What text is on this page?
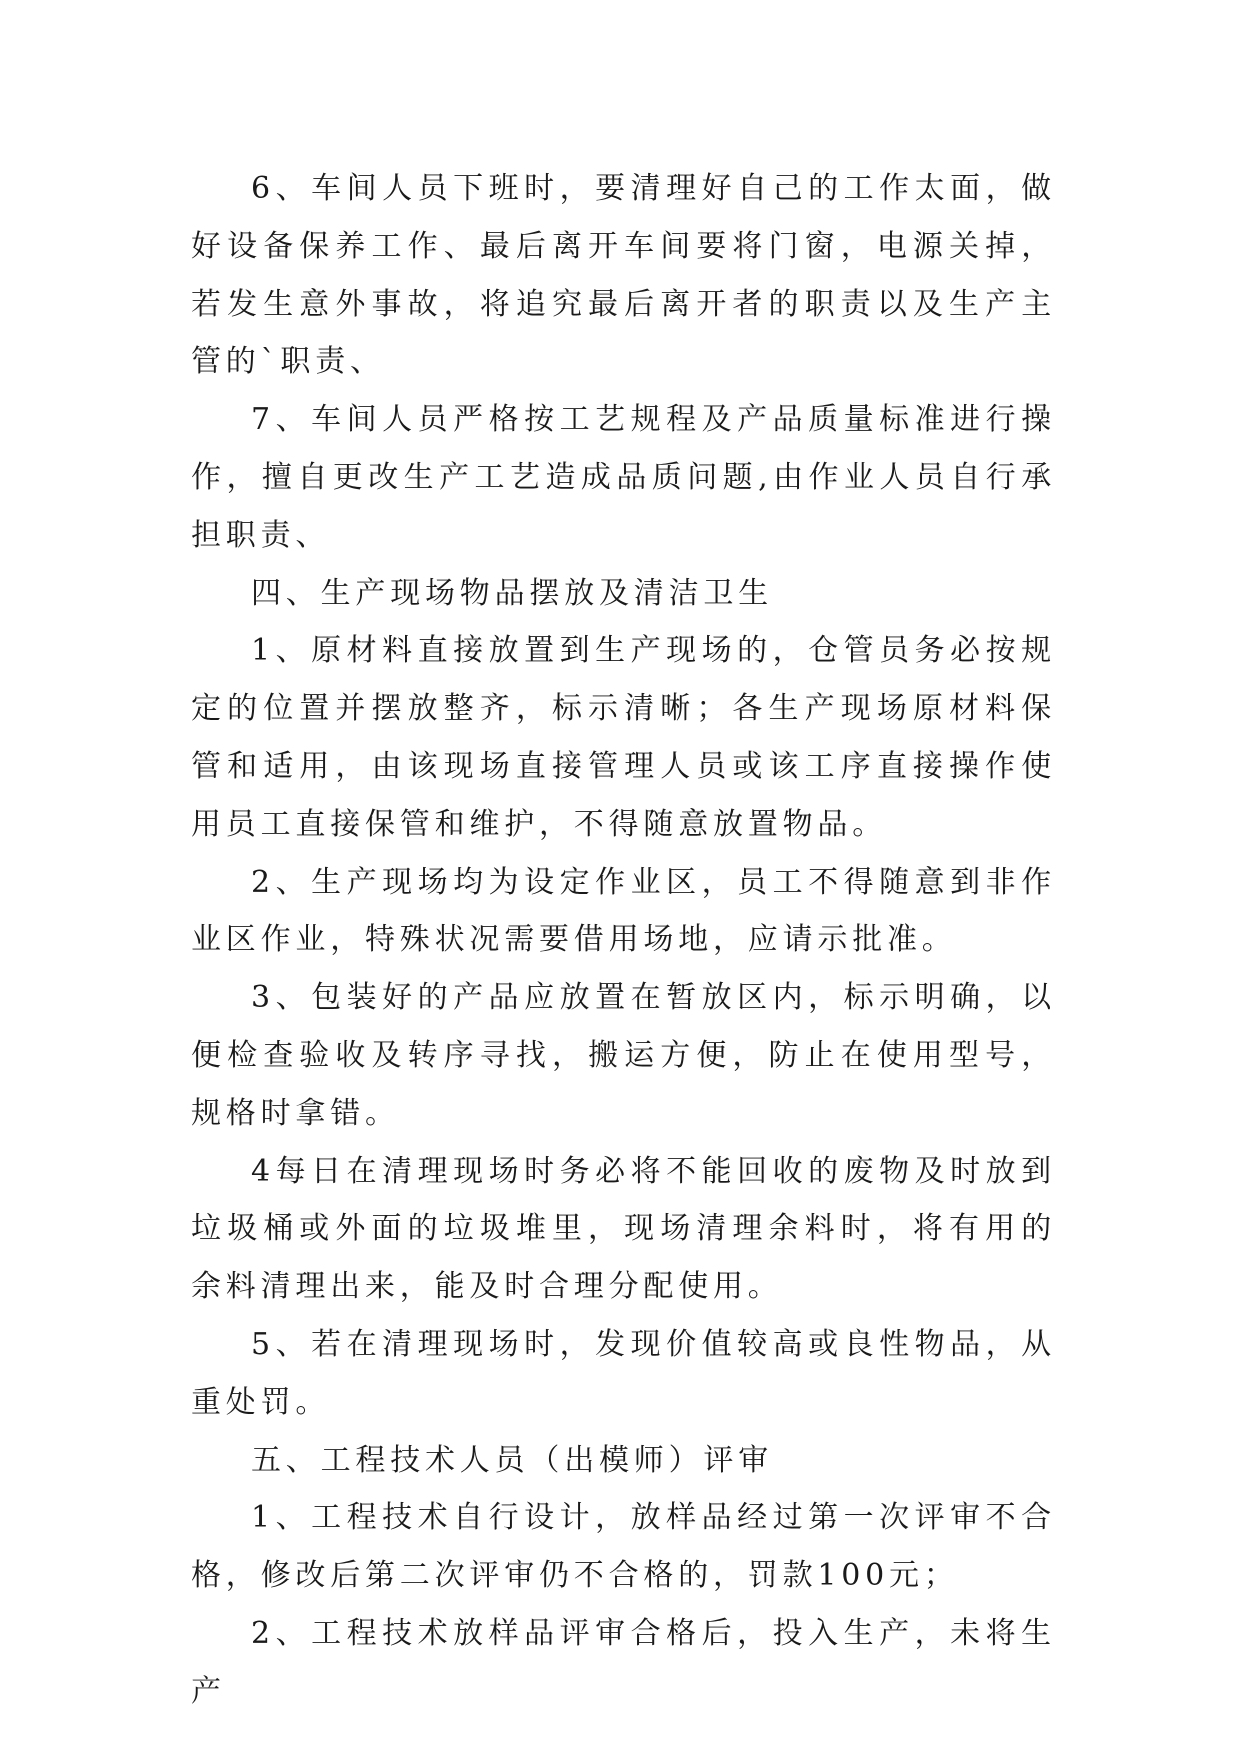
6、车间人员下班时，要清理好自己的工作太面，做好设备保养工作、最后离开车间要将门窗，电源关掉，若发生意外事故，将追究最后离开者的职责以及生产主管的`职责、

7、车间人员严格按工艺规程及产品质量标准进行操作，擅自更改生产工艺造成品质问题,由作业人员自行承担职责、

四、生产现场物品摆放及清洁卫生

1、原材料直接放置到生产现场的，仓管员务必按规定的位置并摆放整齐，标示清晰；各生产现场原材料保管和适用，由该现场直接管理人员或该工序直接操作使用员工直接保管和维护，不得随意放置物品。

2、生产现场均为设定作业区，员工不得随意到非作业区作业，特殊状况需要借用场地，应请示批准。

3、包装好的产品应放置在暂放区内，标示明确，以便检查验收及转序寻找，搬运方便，防止在使用型号，规格时拿错。

4每日在清理现场时务必将不能回收的废物及时放到垃圾桶或外面的垃圾堆里，现场清理余料时，将有用的余料清理出来，能及时合理分配使用。

5、若在清理现场时，发现价值较高或良性物品，从重处罚。

五、工程技术人员（出模师）评审

1、工程技术自行设计，放样品经过第一次评审不合格，修改后第二次评审仍不合格的，罚款100元；

2、工程技术放样品评审合格后，投入生产，未将生产
